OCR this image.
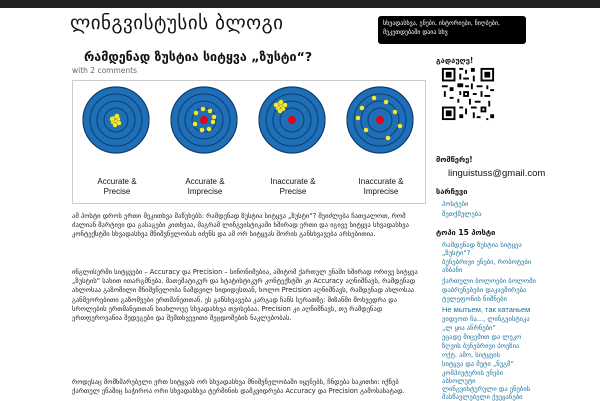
ლინგვისტუსის ბლოგი	სხვადასხვა, ენები, ისტორიები, ნიღბები, მეკეთდებაში დაია სხვ
რამდენად ზუსტია სიტყვა „ზუსტი“?
with 2 comments
Accurate &
Precise
Accurate &
Imprecise
Inaccurate &
Precise
Inaccurate &
Imprecise
ამ პოსტი დროს ერთი მეკითხვა მაწუხებს: რამდენად ზუსტია სიტყვა „ზუსტი“? შეიძლება ჩათვალოთ, რომ ძალიან მარტივი და გასაგები კითხვაა, მაგრამ ლინგვისტიკაში ხშირად ერთი და იგივე სიტყვა სხვადასხვა კონტექსტში სხვადასხვა მნიშვნელობას იძენს და ამ ორ სიტყვას შორის განსხვავება არსებითია.
ინგლისურში სიტყვები – Accuracy და Precision – სინონიმებია, ამიტომ ქართულ ენაში ხშირად ორივე სიტყვა „ზუსტის“ სახით ითარგმნება. მათემატიკურ და სტატისტიკურ კონტექსტში კი Accuracy აღნიშნავს, რამდენად ახლოსაა გაზომილი მნიშვნელობა ნამდვილ სიდიდესთან, ხოლო Precision აღნიშნავს, რამდენად ახლოსაა განმეორებითი გაზომვები ერთმანეთთან. ეს განსხვავება კარგად ჩანს სურათზე: მიზანში მოხვედრა და სროლების ერთმანეთთან სიახლოვე სხვადასხვა თვისებაა. Precision კი აღნიშნავს, თუ რამდენად ერთფეროვანია შედეგები და შემთხვევითი შეცდომების ნაკლებობას.
როდესაც მომხმარებელი ერთ სიტყვას ორ სხვადასხვა მნიშვნელობაში იყენებს, ჩნდება საკითხი: იქნებ ქართულ ენაშიც საჭიროა ორი სხვადასხვა ტერმინის დამკვიდრება Accuracy და Precision გამოსახატად.
გადაუღე!
მომწერე!
linguistuss@gmail.com
სარჩევი
პოსტები
შეთქმულება
ტოპი 15 პოსტი
რამდენად ზუსტია სიტყვა
„ზუსტი“?
ბუნებრივი ენები, რობოტები
ანბანი
ქართული ბოლოები ბოლოში
დაბრუნებები დაკავშირება
ტელეფონის ნიშნები
Не мытьем, так катаньем
ვიდეოთ ჩა..., ლინგვისტიკა
„ლ ყია ანრნები“
ეცადე მიცემით და ლეკო
ზღვის ბუნებრივი პოეზია
ოქტ. ამო, სიტყვის
სიტყვა და მეტი „ნუგმ“
კომპიუტერის ენები
აბსოლუტი
ლინგვისტურული და ენების
მასწავლებელი ქვეყანები
